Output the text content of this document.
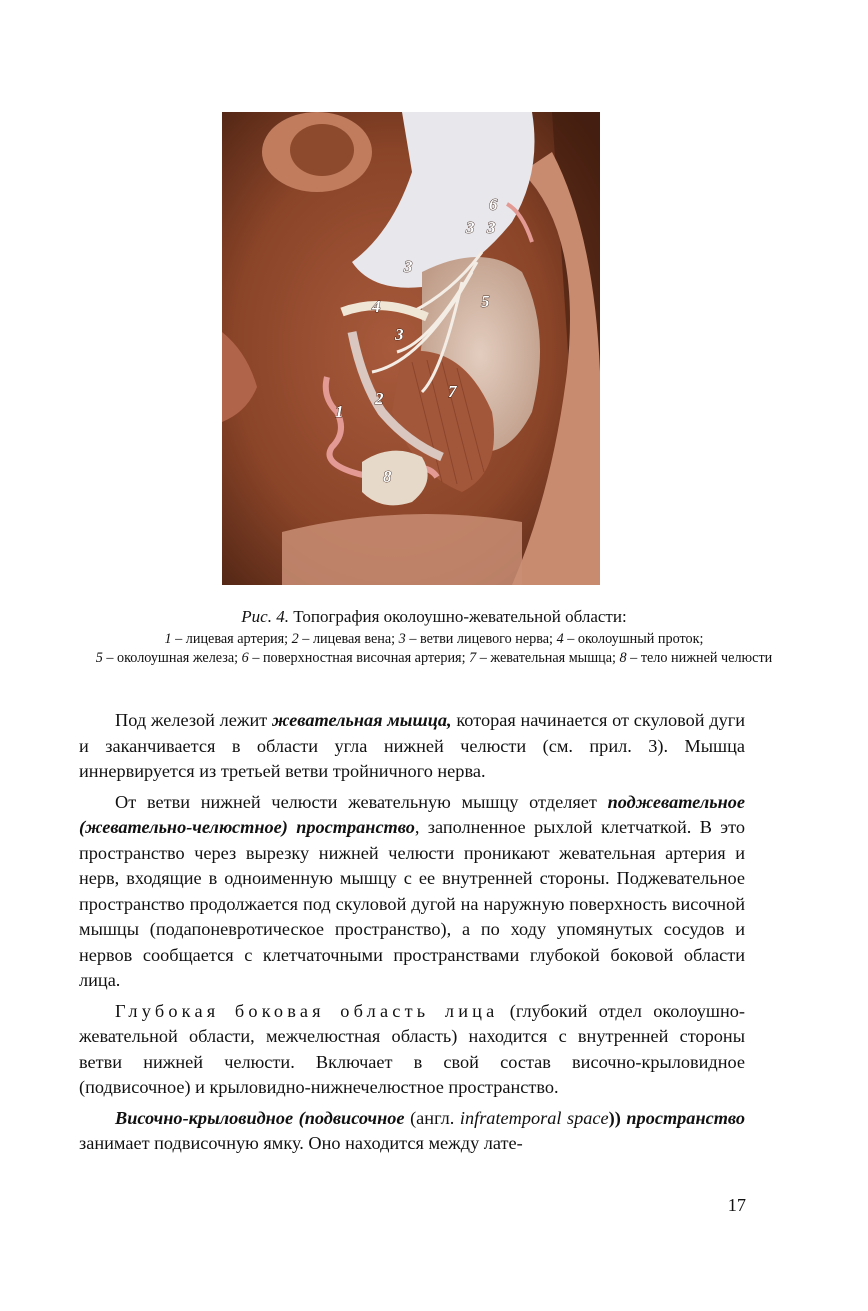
1
2
3 3
3
3
4	5
6
7
8
Рис. 4. Топография околоушно-жевательной области:
1 – лицевая артерия; 2 – лицевая вена; 3 – ветви лицевого нерва; 4 – околоушный проток;
5 – околоушная железа; 6 – поверхностная височная артерия; 7 – жевательная мышца; 8 – тело нижней челюсти

Под железой лежит жевательная мышца, которая начинается от скуловой дуги и заканчивается в области угла нижней челюсти (см. прил. 3). Мышца иннервируется из третьей ветви тройничного нерва.

От ветви нижней челюсти жевательную мышцу отделяет поджевательное (жевательно-челюстное) пространство, заполненное рыхлой клетчаткой. В это пространство через вырезку нижней челюсти проникают жевательная артерия и нерв, входящие в одноименную мышцу с ее внутренней стороны. Поджевательное пространство продолжается под скуловой дугой на наружную поверхность височной мышцы (подапоневротическое пространство), а по ходу упомянутых сосудов и нервов сообщается с клетчаточными пространствами глубокой боковой области лица.

Глубокая боковая область лица (глубокий отдел околоушно-жевательной области, межчелюстная область) находится с внутренней стороны ветви нижней челюсти. Включает в свой состав височно-крыловидное (подвисочное) и крыловидно-нижнечелюстное пространство.

Височно-крыловидное (подвисочное (англ. infratemporal space)) пространство занимает подвисочную ямку. Оно находится между лате-

17
